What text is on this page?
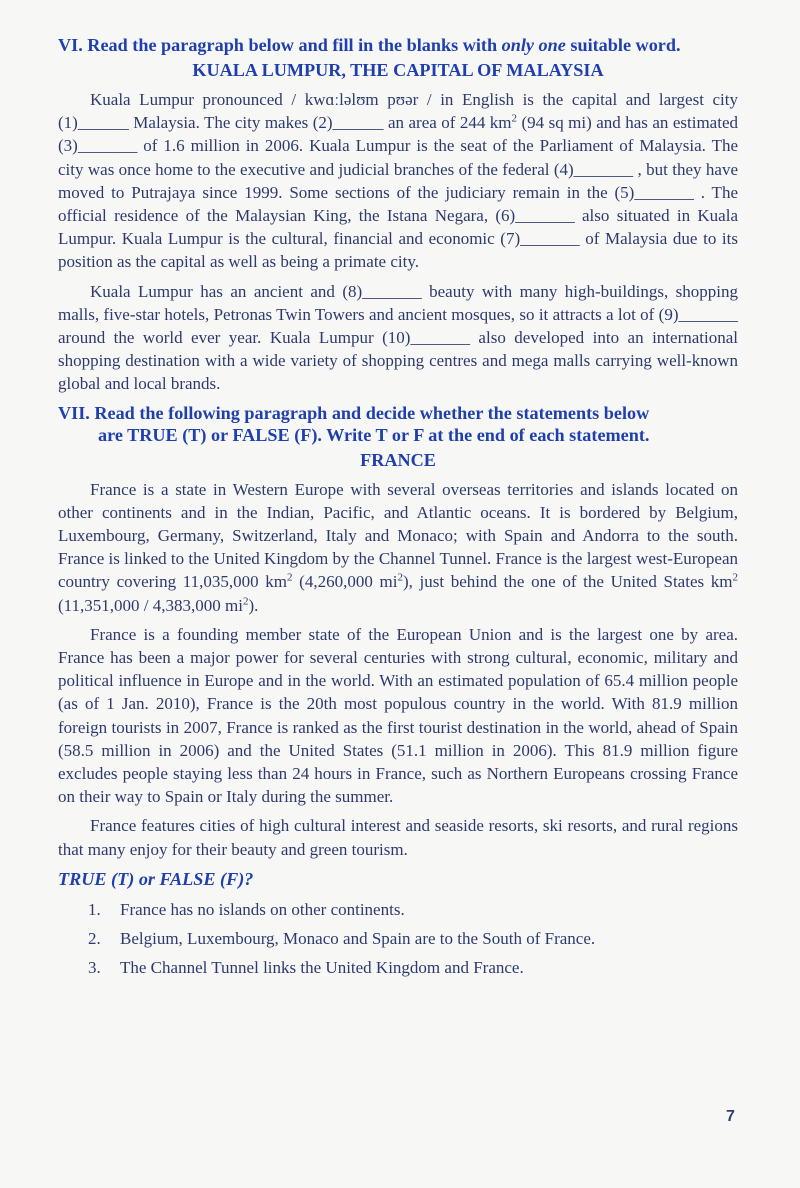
VI. Read the paragraph below and fill in the blanks with only one suitable word.

KUALA LUMPUR, THE CAPITAL OF MALAYSIA

Kuala Lumpur pronounced / kwɑːləlʊm pʊər / in English is the capital and largest city (1)______ Malaysia. The city makes (2)______ an area of 244 $km^2$ (94 sq mi) and has an estimated (3)_______ of 1.6 million in 2006. Kuala Lumpur is the seat of the Parliament of Malaysia. The city was once home to the executive and judicial branches of the federal (4)_______ , but they have moved to Putrajaya since 1999. Some sections of the judiciary remain in the (5)_______ . The official residence of the Malaysian King, the Istana Negara, (6)_______ also situated in Kuala Lumpur. Kuala Lumpur is the cultural, financial and economic (7)_______ of Malaysia due to its position as the capital as well as being a primate city.

Kuala Lumpur has an ancient and (8)_______ beauty with many high-buildings, shopping malls, five-star hotels, Petronas Twin Towers and ancient mosques, so it attracts a lot of (9)_______ around the world ever year. Kuala Lumpur (10)_______ also developed into an international shopping destination with a wide variety of shopping centres and mega malls carrying well-known global and local brands.

VII. Read the following paragraph and decide whether the statements below

are TRUE (T) or FALSE (F). Write T or F at the end of each statement.

FRANCE

France is a state in Western Europe with several overseas territories and islands located on other continents and in the Indian, Pacific, and Atlantic oceans. It is bordered by Belgium, Luxembourg, Germany, Switzerland, Italy and Monaco; with Spain and Andorra to the south. France is linked to the United Kingdom by the Channel Tunnel. France is the largest west-European country covering 11,035,000 $km^2$ (4,260,000 $mi^2$), just behind the one of the United States $km^2$ (11,351,000 / 4,383,000 $mi^2$).

France is a founding member state of the European Union and is the largest one by area. France has been a major power for several centuries with strong cultural, economic, military and political influence in Europe and in the world. With an estimated population of 65.4 million people (as of 1 Jan. 2010), France is the 20th most populous country in the world. With 81.9 million foreign tourists in 2007, France is ranked as the first tourist destination in the world, ahead of Spain (58.5 million in 2006) and the United States (51.1 million in 2006). This 81.9 million figure excludes people staying less than 24 hours in France, such as Northern Europeans crossing France on their way to Spain or Italy during the summer.

France features cities of high cultural interest and seaside resorts, ski resorts, and rural regions that many enjoy for their beauty and green tourism.

TRUE (T) or FALSE (F)?
1.	France has no islands on other continents.
2.	Belgium, Luxembourg, Monaco and Spain are to the South of France.
3.	The Channel Tunnel links the United Kingdom and France.
7
